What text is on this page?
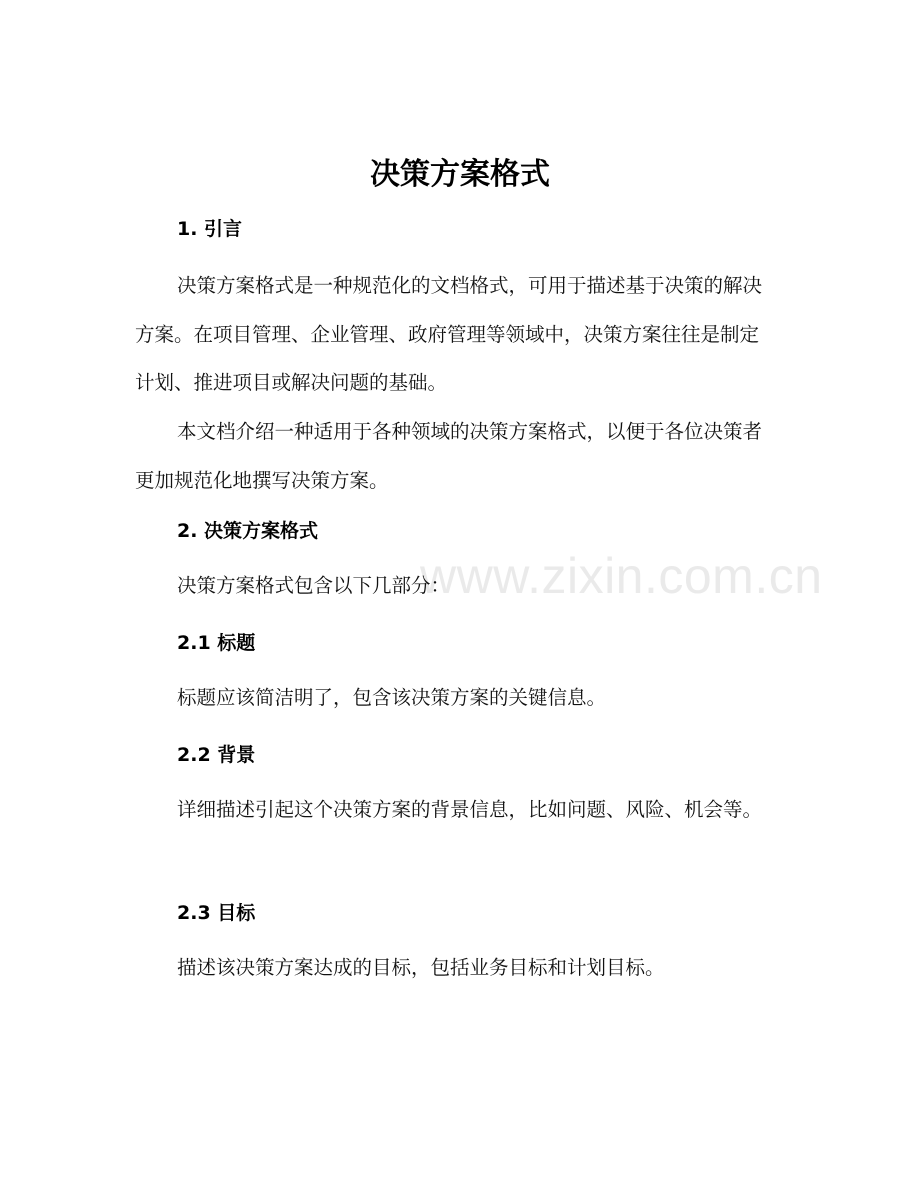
www.zixin.com.cn
决策方案格式
1. 引言

决策方案格式是一种规范化的文档格式，可用于描述基于决策的解决方案。在项目管理、企业管理、政府管理等领域中，决策方案往往是制定计划、推进项目或解决问题的基础。

本文档介绍一种适用于各种领域的决策方案格式，以便于各位决策者更加规范化地撰写决策方案。

2. 决策方案格式

决策方案格式包含以下几部分：

2.1 标题

标题应该简洁明了，包含该决策方案的关键信息。

2.2 背景

详细描述引起这个决策方案的背景信息，比如问题、风险、机会等。

2.3 目标

描述该决策方案达成的目标，包括业务目标和计划目标。
